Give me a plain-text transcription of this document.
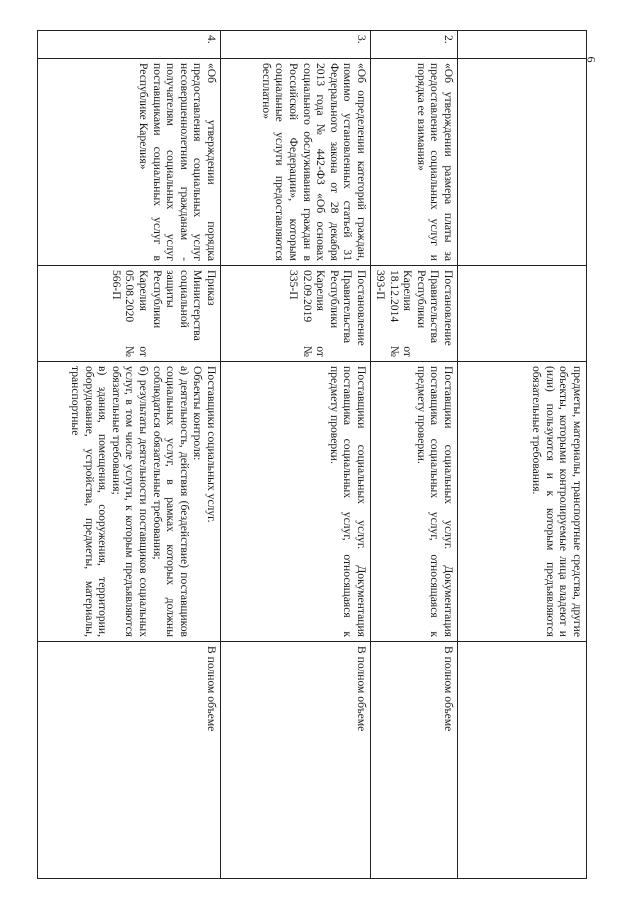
6
			предметы, материалы, транспортные средства, другие объекты, которыми контролируемые лица владеют и (или) пользуются и к которым предъявляются обязательные требования.	
2.	«Об утверждении размера платы за предоставление социальных услуг и порядка ее взимания»	Постановление Правительства Республики Карелия от 18.12.2014 № 393-П	Поставщики социальных услуг. Документация поставщика социальных услуг, относящаяся к предмету проверки.	В полном объеме
3.	«Об определении категорий граждан, помимо установленных статьей 31 Федерального закона от 28 декабря 2013 года № 442-ФЗ «Об основах социального обслуживания граждан в Российской Федерации», которым социальные услуги предоставляются бесплатно»	Постановление Правительства Республики Карелия от 02.09.2019 № 335-П	Поставщики социальных услуг. Документация поставщика социальных услуг, относящаяся к предмету проверки.	В полном объеме
4.	«Об утверждении порядка предоставления социальных услуг несовершеннолетним гражданам - получателям социальных услуг поставщиками социальных услуг в Республике Карелия»	Приказ Министерства социальной защиты Республики Карелия от 05.08.2020 № 566-П	Поставщики социальных услуг.
Объекты контроля:
а) деятельность, действия (бездействие) поставщиков социальных услуг, в рамках которых должны соблюдаться обязательные требования;
б) результаты деятельности поставщиков социальных услуг, в том числе услуги, к которым предъявляются обязательные требования;
в) здания, помещения, сооружения, территории, оборудование, устройства, предметы, материалы, транспортные	В полном объеме
